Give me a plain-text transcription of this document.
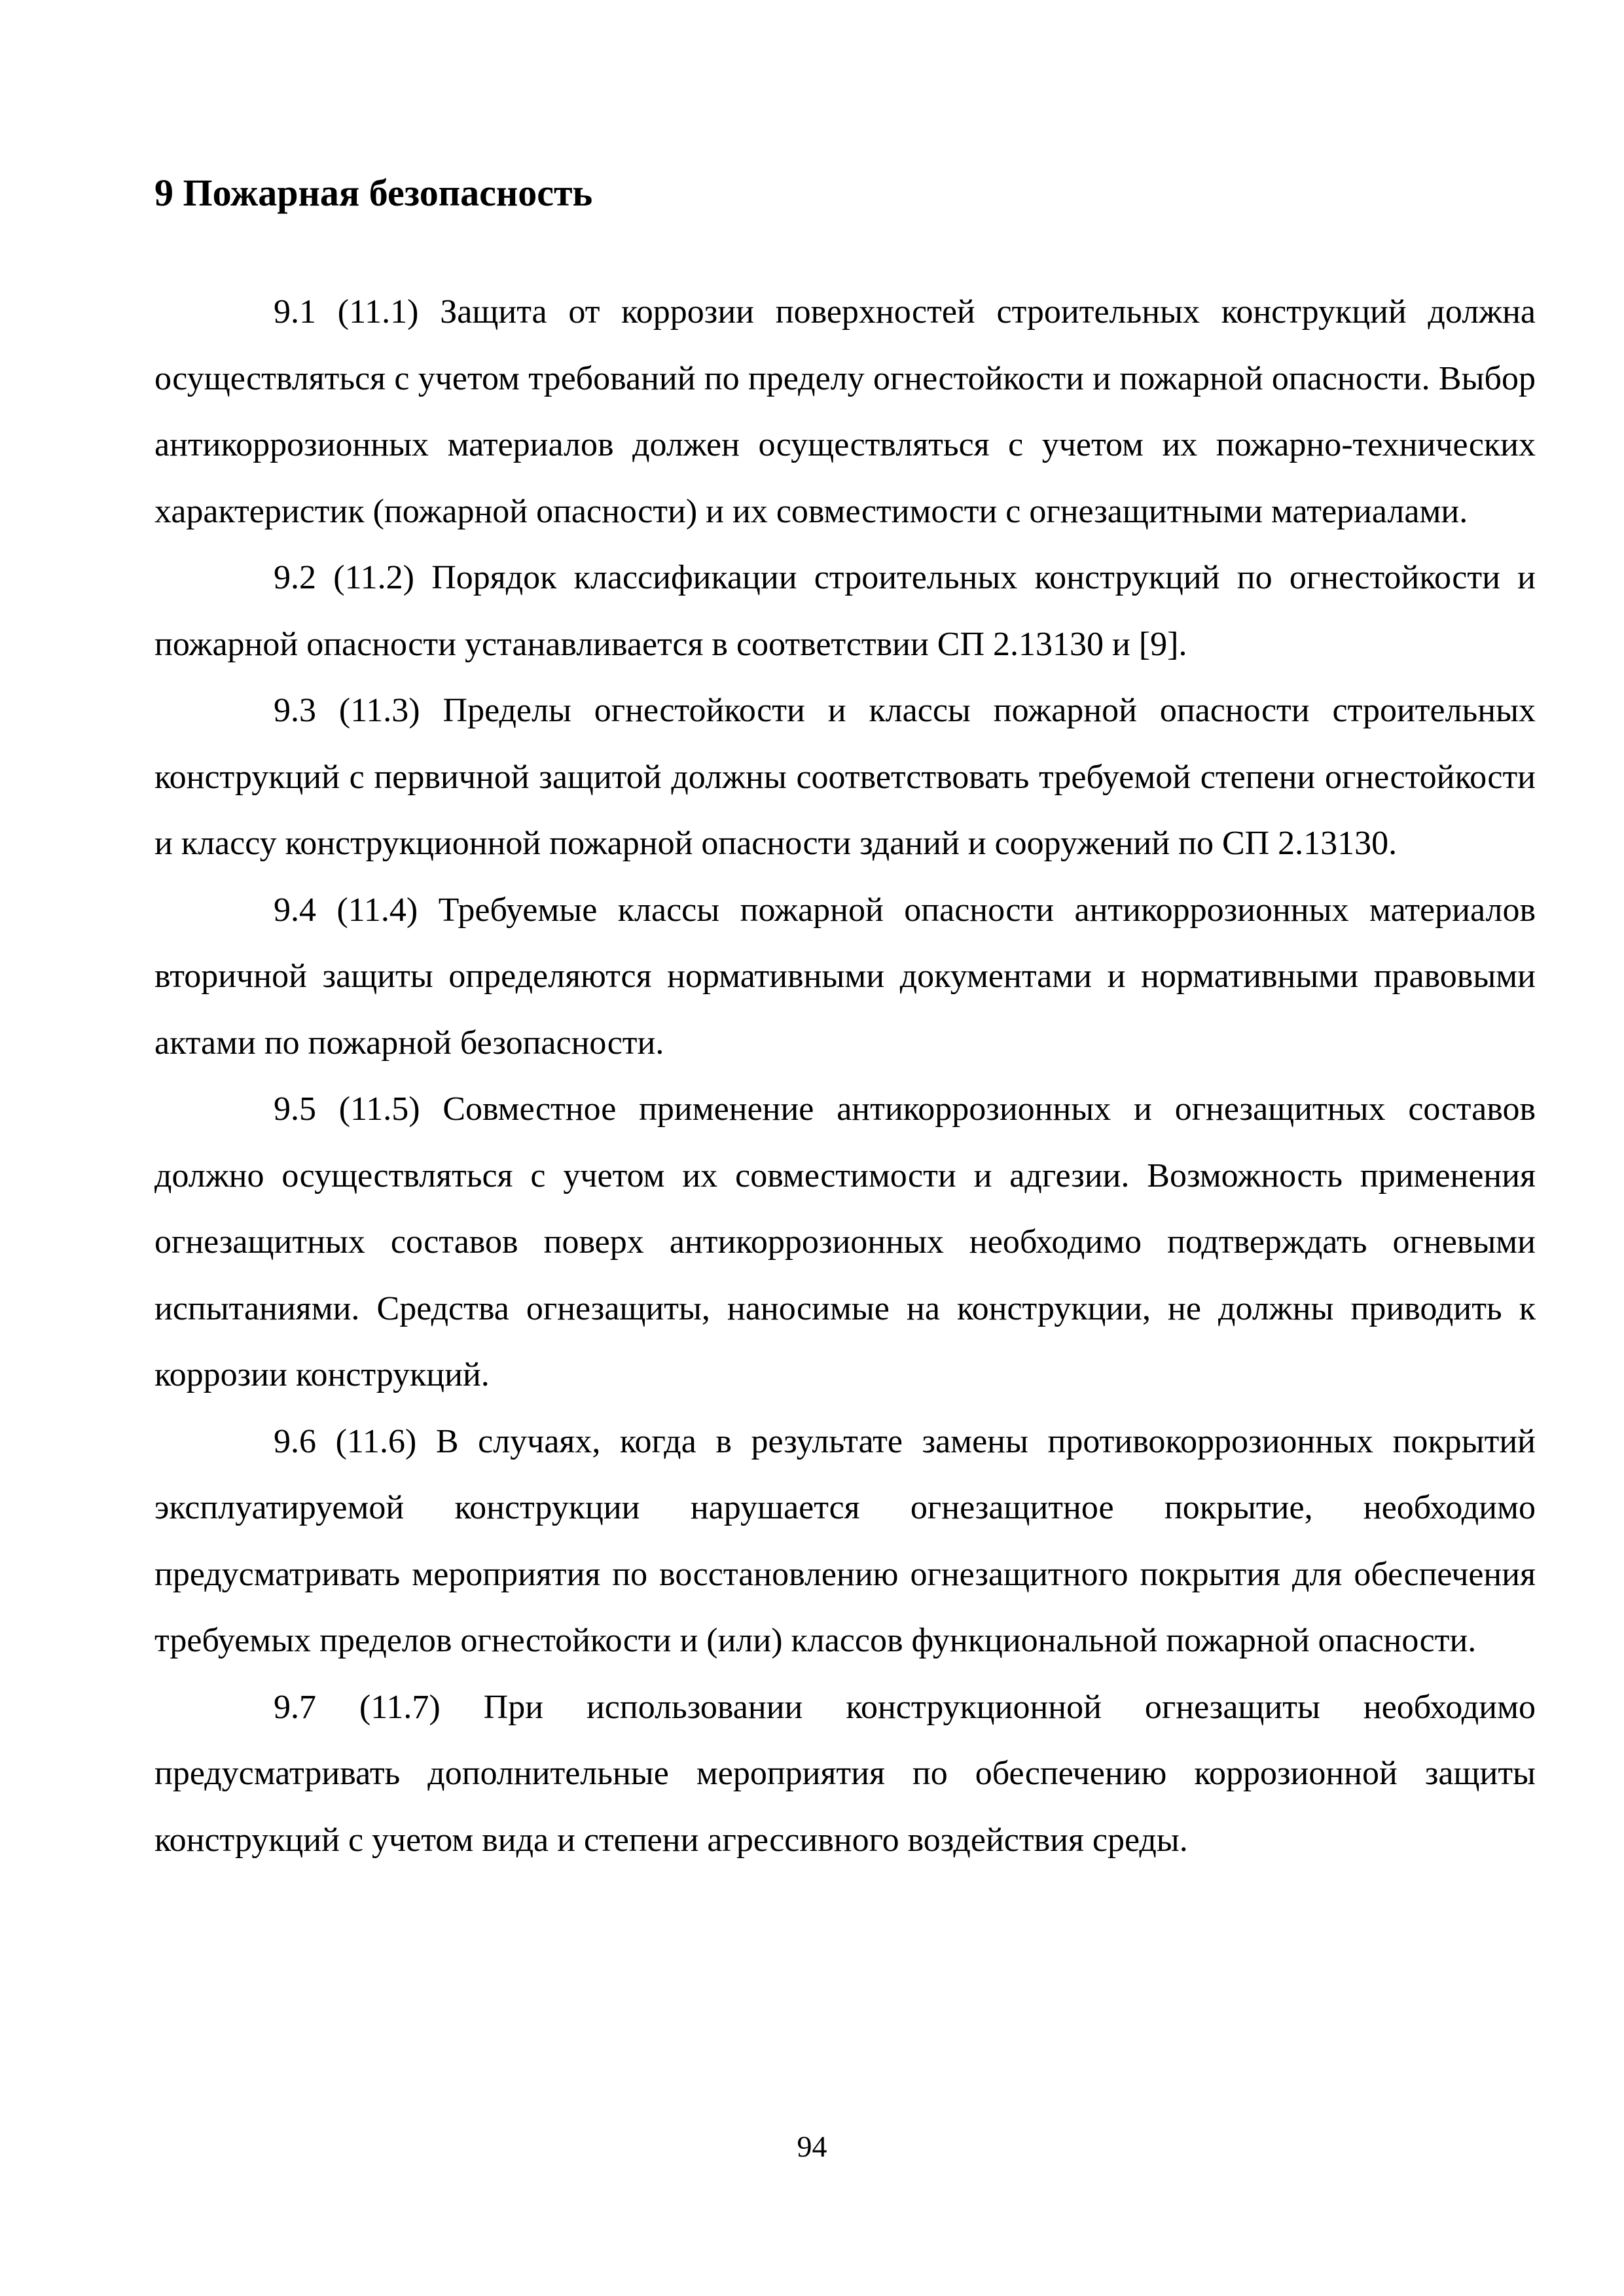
9 Пожарная безопасность

9.1 (11.1) Защита от коррозии поверхностей строительных конструкций должна осуществляться с учетом требований по пределу огнестойкости и пожарной опасности. Выбор антикоррозионных материалов должен осуществляться с учетом их пожарно-технических характеристик (пожарной опасности) и их совместимости с огнезащитными материалами.

9.2 (11.2) Порядок классификации строительных конструкций по огнестойкости и пожарной опасности устанавливается в соответствии СП 2.13130 и [9].

9.3 (11.3) Пределы огнестойкости и классы пожарной опасности строительных конструкций с первичной защитой должны соответствовать требуемой степени огнестойкости и классу конструкционной пожарной опасности зданий и сооружений по СП 2.13130.

9.4 (11.4) Требуемые классы пожарной опасности антикоррозионных материалов вторичной защиты определяются нормативными документами и нормативными правовыми актами по пожарной безопасности.

9.5 (11.5) Совместное применение антикоррозионных и огнезащитных составов должно осуществляться с учетом их совместимости и адгезии. Возможность применения огнезащитных составов поверх антикоррозионных необходимо подтверждать огневыми испытаниями. Средства огнезащиты, наносимые на конструкции, не должны приводить к коррозии конструкций.

9.6 (11.6) В случаях, когда в результате замены противокоррозионных покрытий эксплуатируемой конструкции нарушается огнезащитное покрытие, необходимо предусматривать мероприятия по восстановлению огнезащитного покрытия для обеспечения требуемых пределов огнестойкости и (или) классов функциональной пожарной опасности.

9.7 (11.7) При использовании конструкционной огнезащиты необходимо предусматривать дополнительные мероприятия по обеспечению коррозионной защиты конструкций с учетом вида и степени агрессивного воздействия среды.

94
